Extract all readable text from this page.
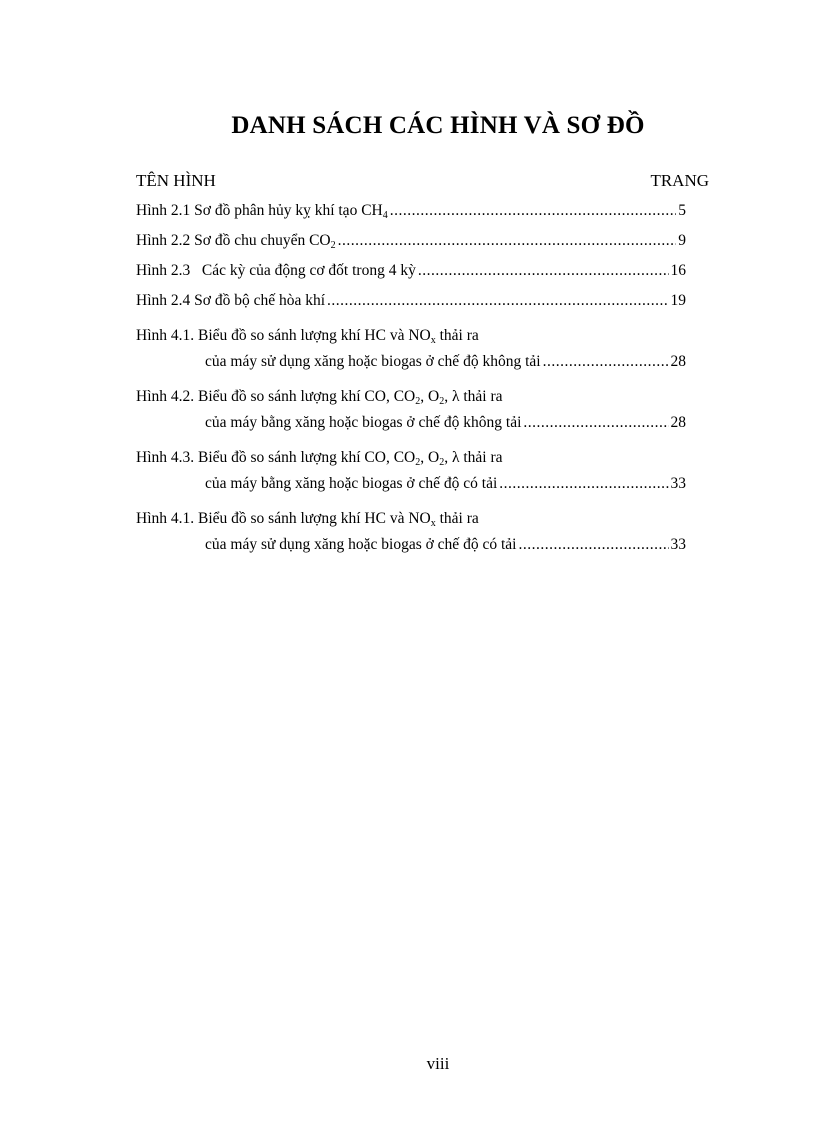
DANH SÁCH CÁC HÌNH VÀ SƠ ĐỒ
TÊN HÌNH	TRANG
Hình 2.1 Sơ đồ phân hủy kỵ khí tạo $CH_4$ .....	5
Hình 2.2 Sơ đồ chu chuyển $CO_2$ .....	9
Hình 2.3   Các kỳ của động cơ đốt trong 4 kỳ .....	16
Hình 2.4 Sơ đồ bộ chế hòa khí .....	19
Hình 4.1. Biểu đồ so sánh lượng khí HC và $NO_x$ thải ra
của máy sử dụng xăng hoặc biogas ở chế độ không tải .....	28
Hình 4.2. Biểu đồ so sánh lượng khí CO, $CO_2$, $O_2$, λ thải ra
của máy bằng xăng hoặc biogas ở chế độ không tải .....	28
Hình 4.3. Biểu đồ so sánh lượng khí CO, $CO_2$, $O_2$, λ thải ra
của máy bằng xăng hoặc biogas ở chế độ có tải .....	33
Hình 4.1. Biểu đồ so sánh lượng khí HC và $NO_x$ thải ra
của máy sử dụng xăng hoặc biogas ở chế độ có tải .....	33
viii
